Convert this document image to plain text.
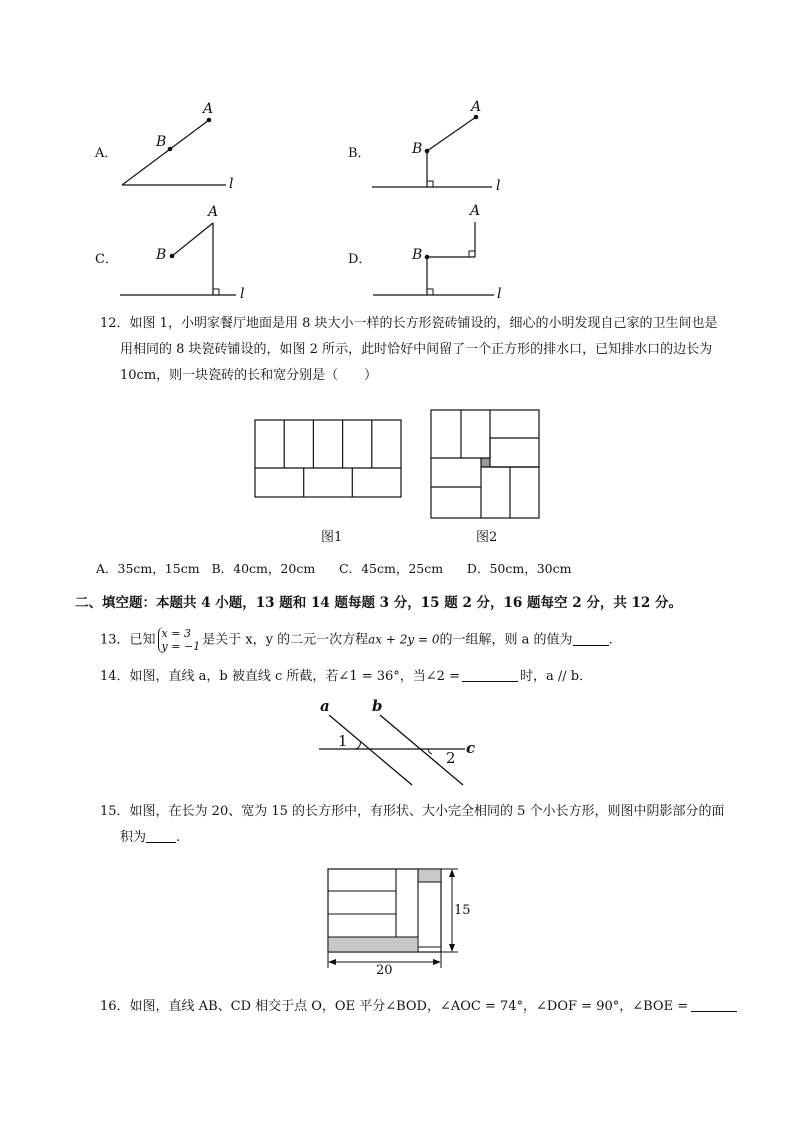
A．
A
B
l
B．
A
B
l
C．
A
B
l
D．
A
B
l
12．如图 1，小明家餐厅地面是用 8 块大小一样的长方形瓷砖铺设的，细心的小明发现自己家的卫生间也是
用相同的 8 块瓷砖铺设的，如图 2 所示，此时恰好中间留了一个正方形的排水口，已知排水口的边长为
10cm，则一块瓷砖的长和宽分别是（　　）
图1	图2
A．35cm，15cm   B．40cm，20cm      C．45cm，25cm      D．50cm，30cm
二、填空题：本题共 4 小题，13 题和 14 题每题 3 分，15 题 2 分，16 题每空 2 分，共 12 分。
13．已知 x = 3
y = −1 是关于 x，y 的二元一次方程ax + 2y = 0的一组解，则 a 的值为	.
14．如图，直线 a，b 被直线 c 所截，若∠1 = 36°，当∠2 =	时，a // b．
a	b
c
1
2
15．如图，在长为 20、宽为 15 的长方形中，有形状、大小完全相同的 5 个小长方形，则图中阴影部分的面
积为 .
15
20
16．如图，直线 AB、CD 相交于点 O，OE 平分∠BOD，∠AOC = 74°，∠DOF = 90°，∠BOE =
